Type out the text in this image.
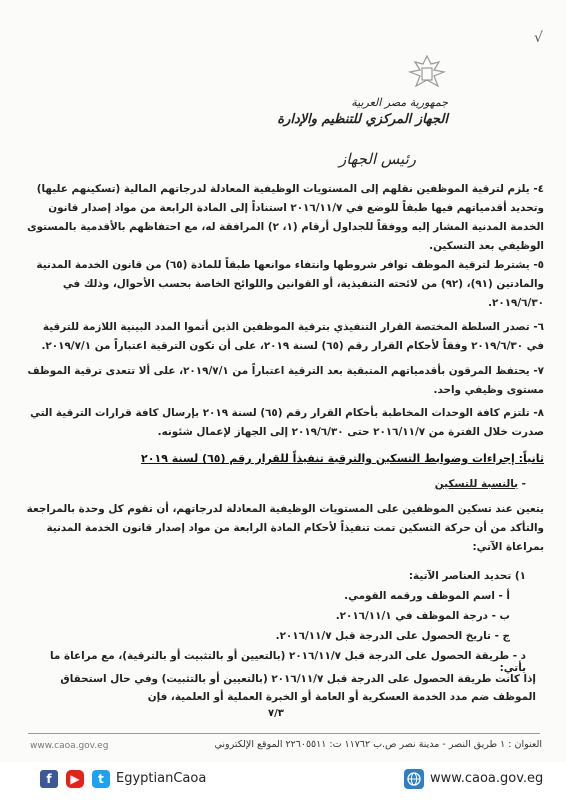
√
جمهورية مصر العربية
الجهاز المركزي للتنظيم والإدارة
رئيس الجهاز
٤- يلزم لترقية الموظفين نقلهم إلى المستويات الوظيفية المعادلة لدرجاتهم المالية (تسكينهم عليها) وتحديد أقدمياتهم فيها طبقاً للوضع في ٢٠١٦/١١/٧ استناداً إلى المادة الرابعة من مواد إصدار قانون الخدمة المدنية المشار إليه ووفقاً للجداول أرقام (١، ٢) المرافقة له، مع احتفاظهم بالأقدمية بالمستوى الوظيفي بعد التسكين.
٥- يشترط لترقية الموظف توافر شروطها وانتفاء موانعها طبقاً للمادة (٦٥) من قانون الخدمة المدنية والمادتين (٩١)، (٩٢) من لائحته التنفيذية، أو القوانين واللوائح الخاصة بحسب الأحوال، وذلك في ٢٠١٩/٦/٣٠.
٦- تصدر السلطة المختصة القرار التنفيذي بترقية الموظفين الذين أتموا المدد البينية اللازمة للترقية في ٢٠١٩/٦/٣٠ وفقاً لأحكام القرار رقم (٦٥) لسنة ٢٠١٩، على أن تكون الترقية اعتباراً من ٢٠١٩/٧/١.
٧- يحتفظ المرقون بأقدمياتهم المتبقية بعد الترقية اعتباراً من ٢٠١٩/٧/١، على ألا تتعدى ترقية الموظف مستوى وظيفي واحد.
٨- تلتزم كافة الوحدات المخاطبة بأحكام القرار رقم (٦٥) لسنة ٢٠١٩ بإرسال كافة قرارات الترقية التي صدرت خلال الفترة من ٢٠١٦/١١/٧ حتى ٢٠١٩/٦/٣٠ إلى الجهاز لإعمال شئونه.
ثانياً: إجراءات وضوابط التسكين والترقية تنفيذاً للقرار رقم (٦٥) لسنة ٢٠١٩
- بالنسبة للتسكين
يتعين عند تسكين الموظفين على المستويات الوظيفية المعادلة لدرجاتهم، أن تقوم كل وحدة بالمراجعة والتأكد من أن حركة التسكين تمت تنفيذاً لأحكام المادة الرابعة من مواد إصدار قانون الخدمة المدنية بمراعاة الآتي:
١) تحديد العناصر الآتية:
أ - اسم الموظف ورقمه القومي.
ب - درجة الموظف في ٢٠١٦/١١/١.
ج - تاريخ الحصول على الدرجة قبل ٢٠١٦/١١/٧.
د - طريقة الحصول على الدرجة قبل ٢٠١٦/١١/٧ (بالتعيين أو بالتثبيت أو بالترقية)، مع مراعاة ما يأتي:
إذا كانت طريقة الحصول على الدرجة قبل ٢٠١٦/١١/٧ (بالتعيين أو بالتثبيت) وفي حال استحقاق الموظف ضم مدد الخدمة العسكرية أو العامة أو الخبرة العملية أو العلمية، فإن
٧/٣
العنوان : ١ طريق النصر - مدينة نصر ص.ب ١١٧٦٢ ت: ٢٢٦٠٥٥١١ الموقع الإلكتروني
www.caoa.gov.eg
f	▶	t EgyptianCaoa	www.caoa.gov.eg
